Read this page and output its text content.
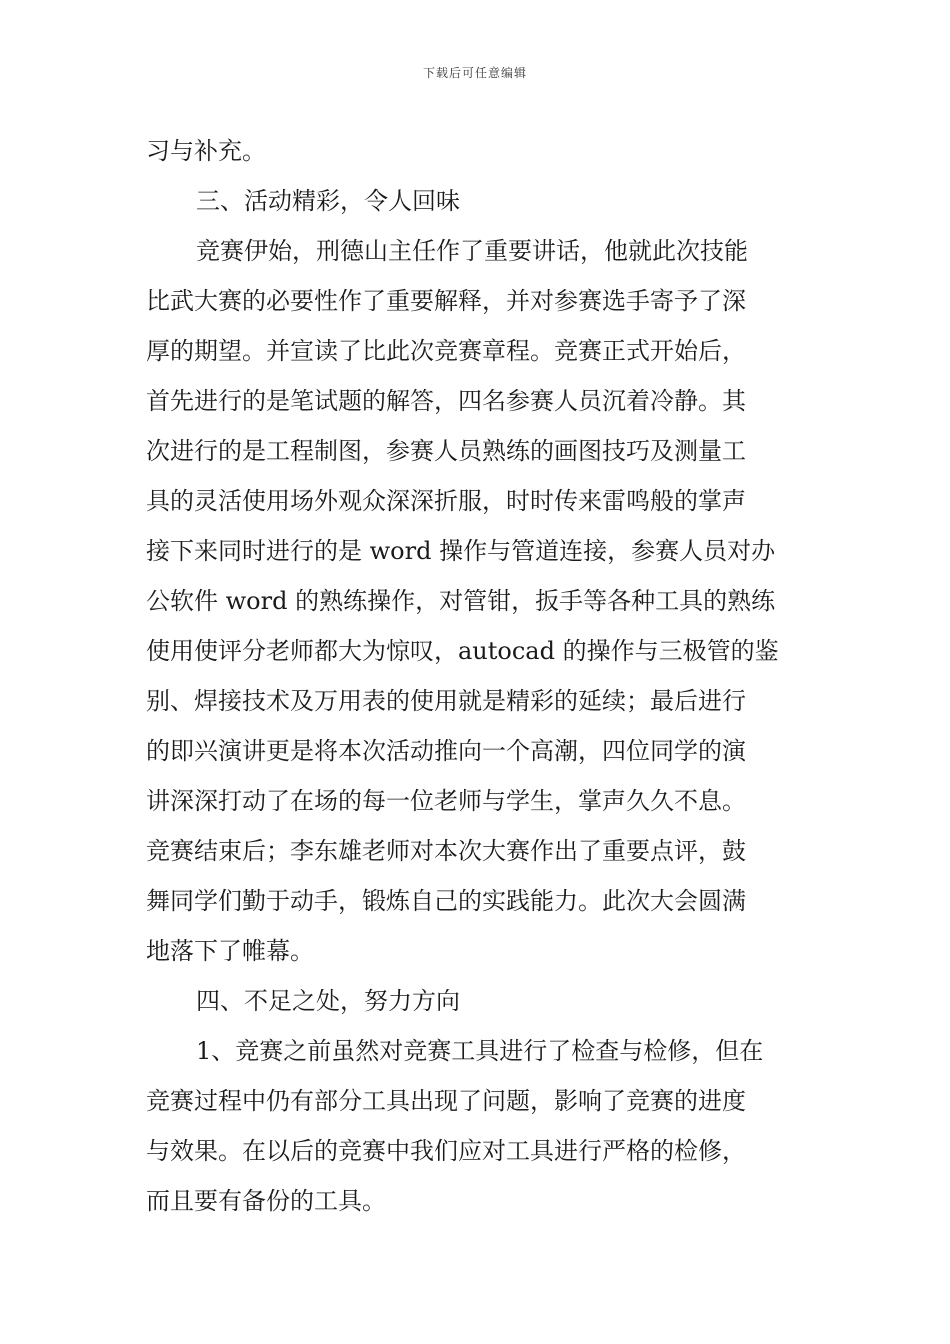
下载后可任意编辑
习与补充。
三、活动精彩，令人回味
竞赛伊始，刑德山主任作了重要讲话，他就此次技能
比武大赛的必要性作了重要解释，并对参赛选手寄予了深
厚的期望。并宣读了比此次竞赛章程。竞赛正式开始后，
首先进行的是笔试题的解答，四名参赛人员沉着冷静。其
次进行的是工程制图，参赛人员熟练的画图技巧及测量工
具的灵活使用场外观众深深折服，时时传来雷鸣般的掌声
接下来同时进行的是 word 操作与管道连接，参赛人员对办
公软件 word 的熟练操作，对管钳，扳手等各种工具的熟练
使用使评分老师都大为惊叹，autocad 的操作与三极管的鉴
别、焊接技术及万用表的使用就是精彩的延续；最后进行
的即兴演讲更是将本次活动推向一个高潮，四位同学的演
讲深深打动了在场的每一位老师与学生，掌声久久不息。
竞赛结束后；李东雄老师对本次大赛作出了重要点评，鼓
舞同学们勤于动手，锻炼自己的实践能力。此次大会圆满
地落下了帷幕。
四、不足之处，努力方向
1、竞赛之前虽然对竞赛工具进行了检查与检修，但在
竞赛过程中仍有部分工具出现了问题，影响了竞赛的进度
与效果。在以后的竞赛中我们应对工具进行严格的检修，
而且要有备份的工具。
